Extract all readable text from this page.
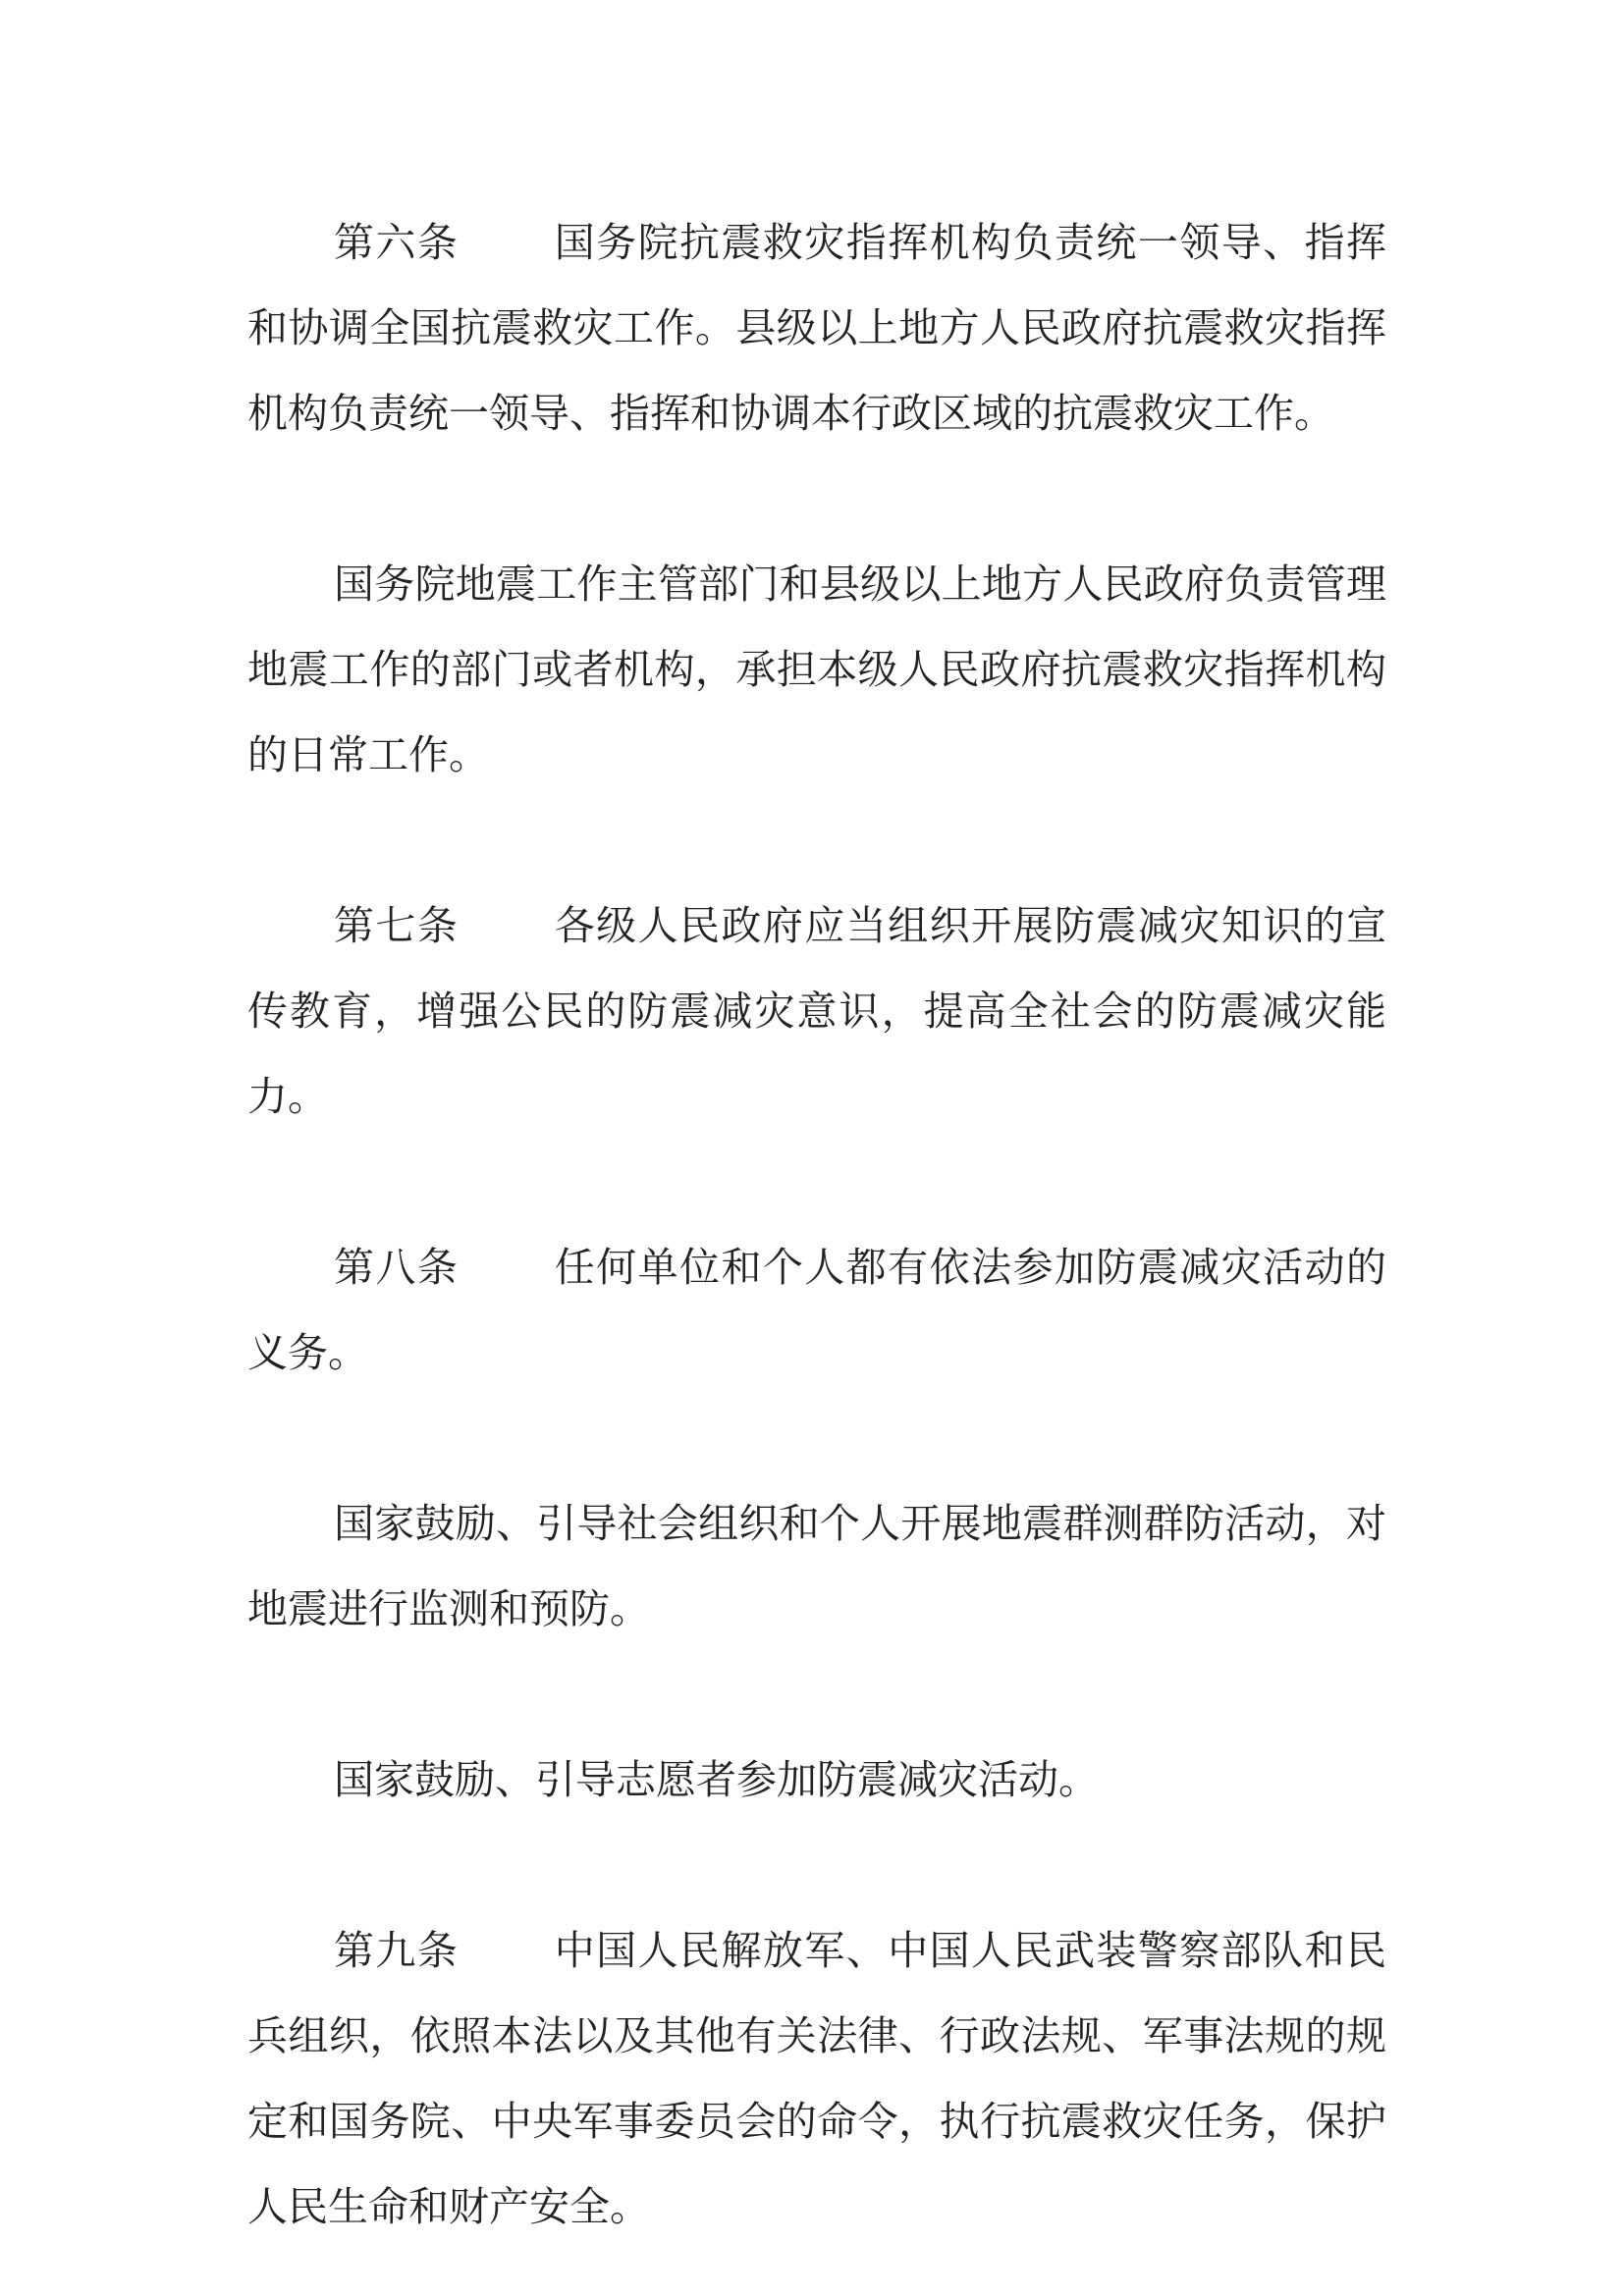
第六条 国务院抗震救灾指挥机构负责统一领导、指挥和协调全国抗震救灾工作。县级以上地方人民政府抗震救灾指挥机构负责统一领导、指挥和协调本行政区域的抗震救灾工作。

国务院地震工作主管部门和县级以上地方人民政府负责管理地震工作的部门或者机构，承担本级人民政府抗震救灾指挥机构的日常工作。

第七条 各级人民政府应当组织开展防震减灾知识的宣传教育，增强公民的防震减灾意识，提高全社会的防震减灾能力。

第八条 任何单位和个人都有依法参加防震减灾活动的义务。

国家鼓励、引导社会组织和个人开展地震群测群防活动，对地震进行监测和预防。

国家鼓励、引导志愿者参加防震减灾活动。

第九条 中国人民解放军、中国人民武装警察部队和民兵组织，依照本法以及其他有关法律、行政法规、军事法规的规定和国务院、中央军事委员会的命令，执行抗震救灾任务，保护人民生命和财产安全。
